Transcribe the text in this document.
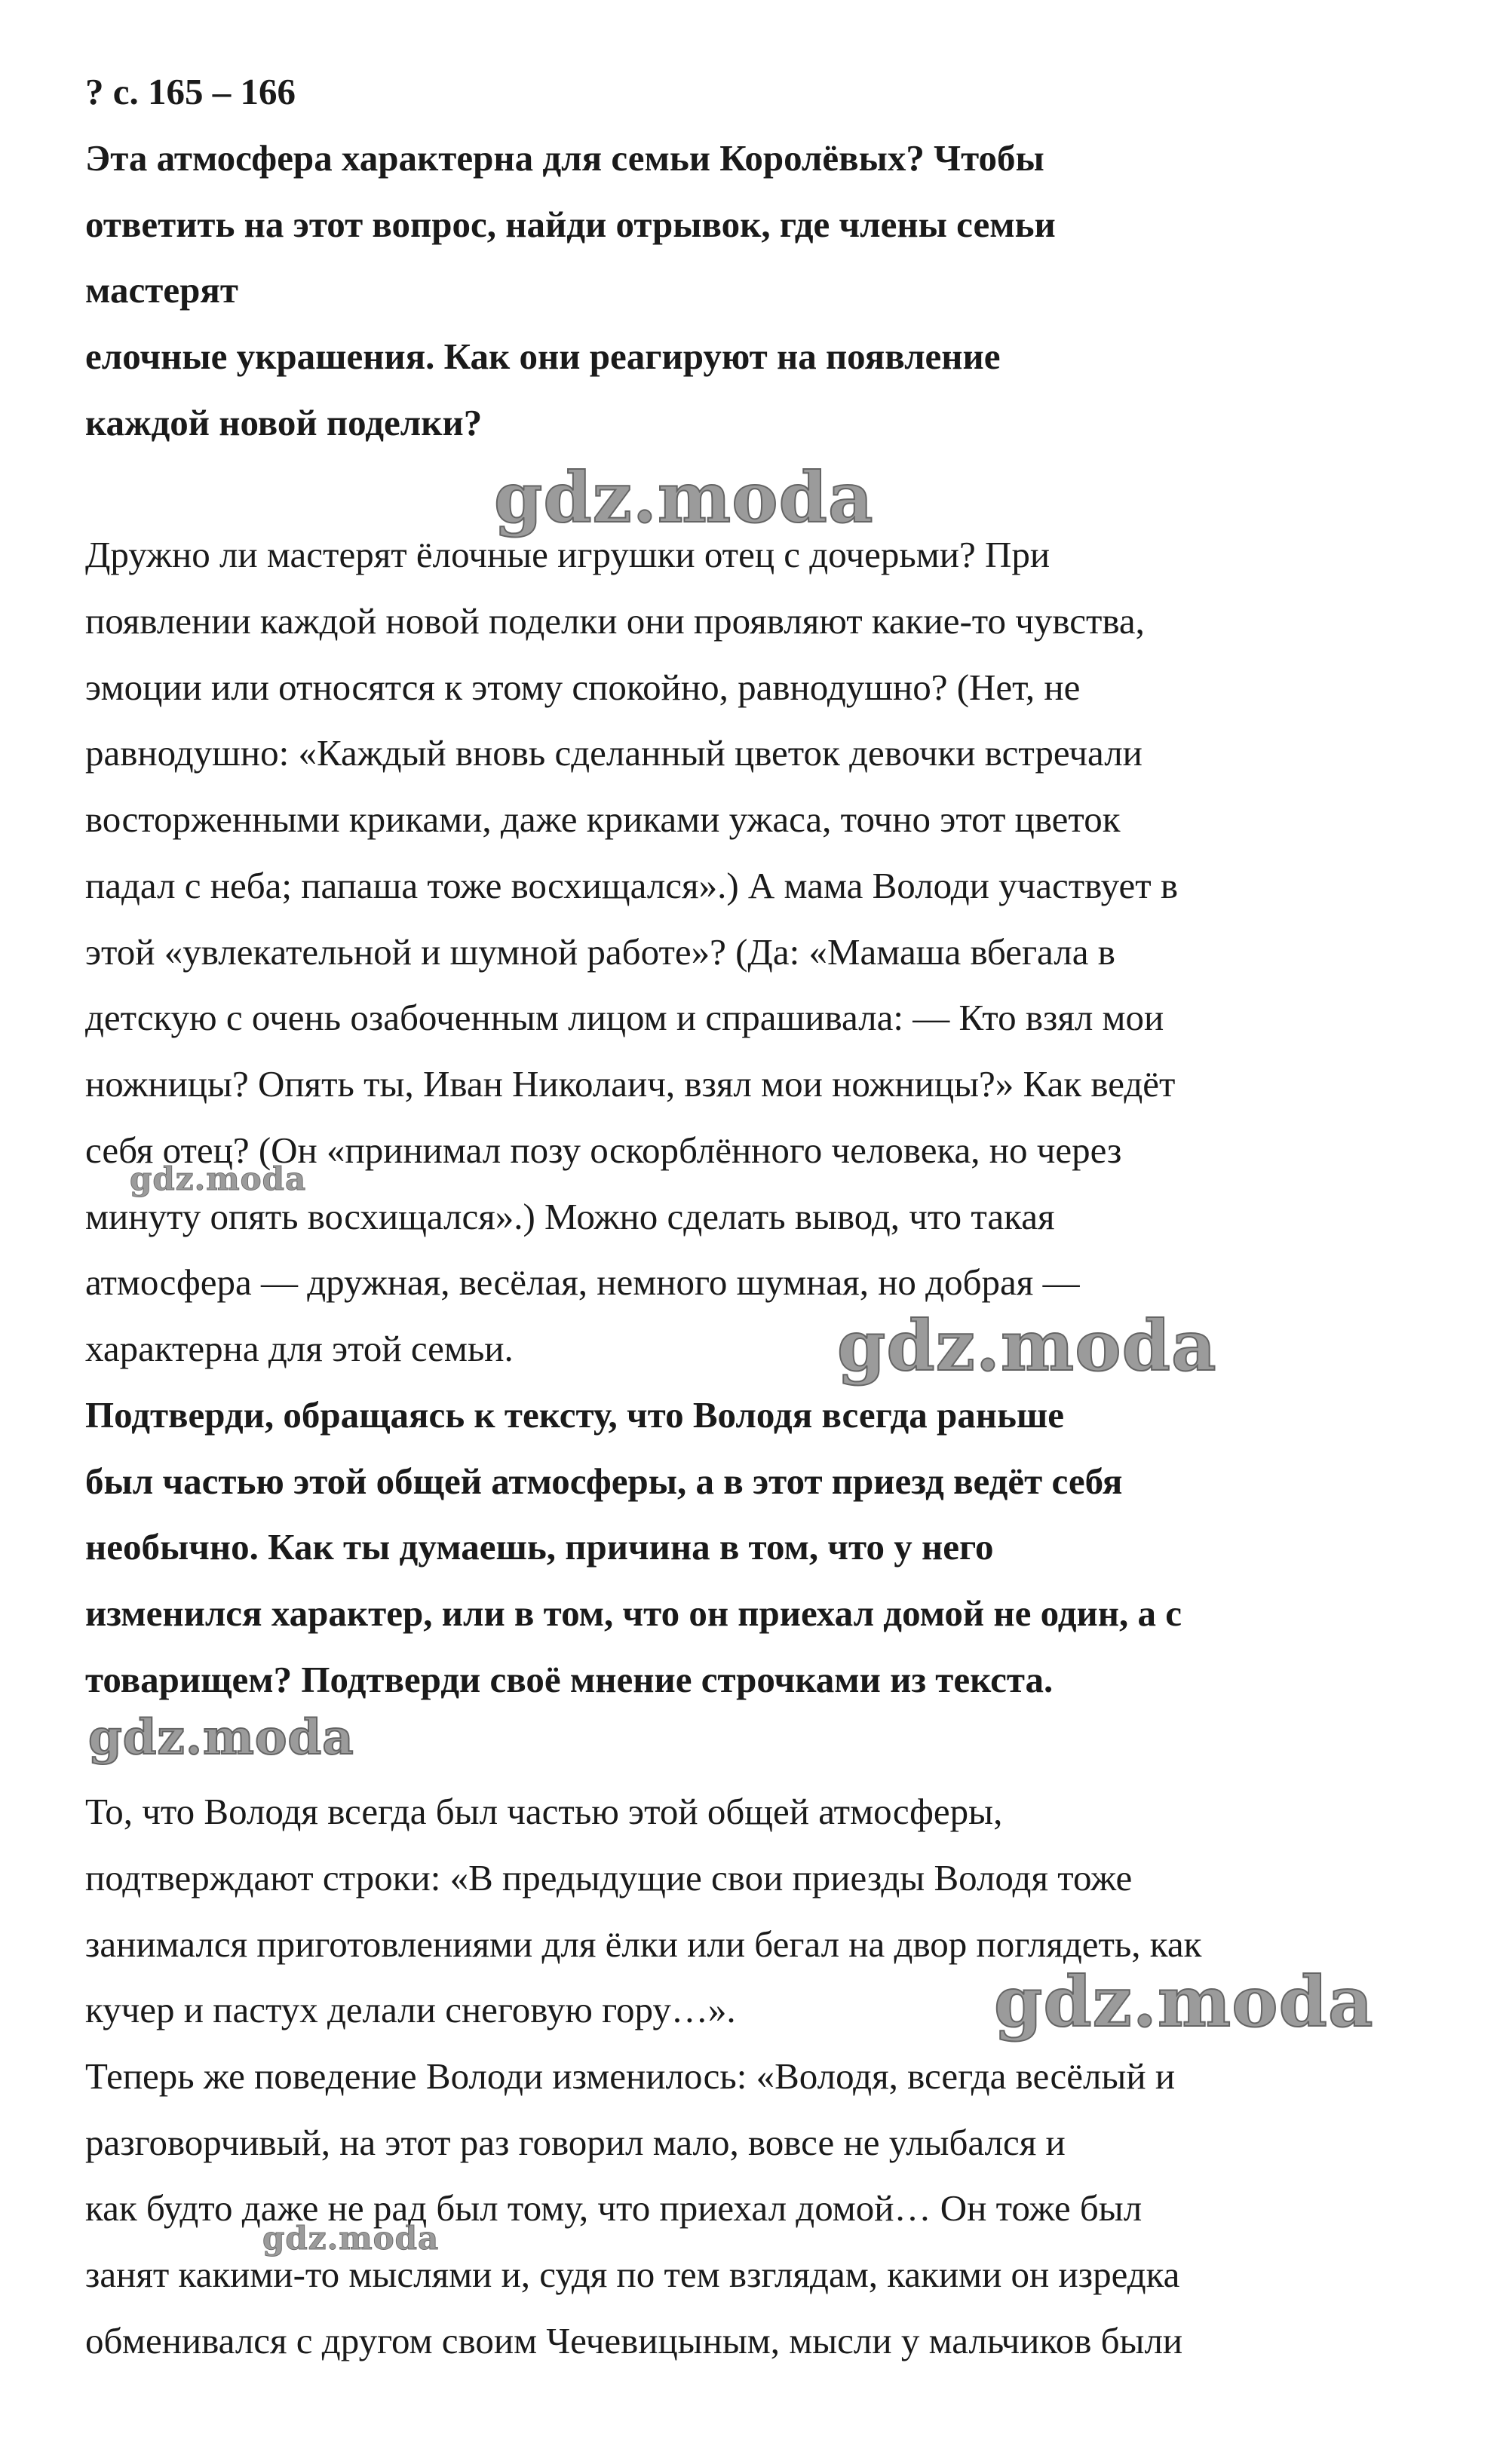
? с. 165 – 166
Эта атмосфера характерна для семьи Королёвых? Чтобы
ответить на этот вопрос, найди отрывок, где члены семьи
мастерят
елочные украшения. Как они реагируют на появление
каждой новой поделки?
Дружно ли мастерят ёлочные игрушки отец с дочерьми? При
появлении каждой новой поделки они проявляют какие-то чувства,
эмоции или относятся к этому спокойно, равнодушно? (Нет, не
равнодушно: «Каждый вновь сделанный цветок девочки встречали
восторженными криками, даже криками ужаса, точно этот цветок
падал с неба; папаша тоже восхищался».) А мама Володи участвует в
этой «увлекательной и шумной работе»? (Да: «Мамаша вбегала в
детскую с очень озабоченным лицом и спрашивала: — Кто взял мои
ножницы? Опять ты, Иван Николаич, взял мои ножницы?» Как ведёт
себя отец? (Он «принимал позу оскорблённого человека, но через
минуту опять восхищался».) Можно сделать вывод, что такая
атмосфера — дружная, весёлая, немного шумная, но добрая —
характерна для этой семьи.
Подтверди, обращаясь к тексту, что Володя всегда раньше
был частью этой общей атмосферы, а в этот приезд ведёт себя
необычно. Как ты думаешь, причина в том, что у него
изменился характер, или в том, что он приехал домой не один, а с
товарищем? Подтверди своё мнение строчками из текста.
То, что Володя всегда был частью этой общей атмосферы,
подтверждают строки: «В предыдущие свои приезды Володя тоже
занимался приготовлениями для ёлки или бегал на двор поглядеть, как
кучер и пастух делали снеговую гору…».
Теперь же поведение Володи изменилось: «Володя, всегда весёлый и
разговорчивый, на этот раз говорил мало, вовсе не улыбался и
как будто даже не рад был тому, что приехал домой… Он тоже был
занят какими-то мыслями и, судя по тем взглядам, какими он изредка
обменивался с другом своим Чечевицыным, мысли у мальчиков были
gdz.moda
gdz.moda
gdz.moda
gdz.moda
gdz.moda
gdz.moda
